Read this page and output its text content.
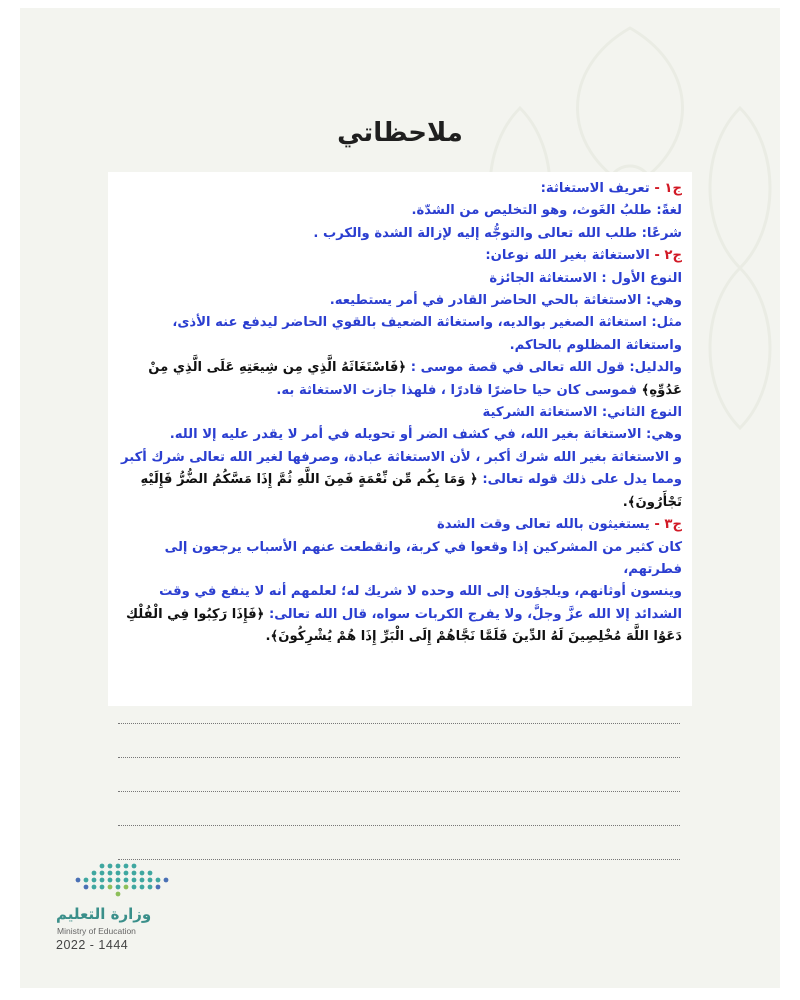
ملاحظاتي

ج١ - تعريف الاستغاثة:

لغةً: طلبُ الغَوث، وهو التخليص من الشدّة.

شرعًا: طلب الله تعالى والتوجُّه إليه لإزالة الشدة والكرب .

ج٢ - الاستغاثة بغير الله نوعان:

النوع الأول : الاستغاثة الجائزة

وهي: الاستغاثة بالحي الحاضر القادر في أمر يستطيعه.

مثل: استغاثة الصغير بوالديه، واستغاثة الضعيف بالقوي الحاضر ليدفع عنه الأذى،

واستغاثة المظلوم بالحاكم.

والدليل: قول الله تعالى في قصة موسى : ﴿فَاسْتَغَاثَهُ الَّذِي مِن شِيعَتِهِ عَلَى الَّذِي مِنْ

عَدُوِّهِ﴾ فموسى كان حيا حاضرًا قادرًا ، فلهذا جازت الاستغاثة به.

النوع الثاني: الاستغاثة الشركية

وهي: الاستغاثة بغير الله، في كشف الضر أو تحويله في أمر لا يقدر عليه إلا الله.

و الاستغاثة بغير الله شرك أكبر ، لأن الاستغاثة عبادة، وصرفها لغير الله تعالى شرك أكبر

ومما يدل على ذلك قوله تعالى: ﴿ وَمَا بِكُم مِّن نِّعْمَةٍ فَمِنَ اللَّهِ ثُمَّ إِذَا مَسَّكُمُ الضُّرُّ فَإِلَيْهِ

تَجْأَرُونَ﴾.

ج٣ - يستغيثون بالله تعالى وقت الشدة

كان كثير من المشركين إذا وقعوا في كربة، وانقطعت عنهم الأسباب يرجعون إلى

فطرتهم،

وينسون أوثانهم، ويلجؤون إلى الله وحده لا شريك له؛ لعلمهم أنه لا ينفع في وقت

الشدائد إلا الله عزَّ وجلَّ، ولا يفرج الكربات سواه، قال الله تعالى: ﴿فَإِذَا رَكِبُوا فِي الْفُلْكِ

دَعَوُا اللَّهَ مُخْلِصِينَ لَهُ الدِّينَ فَلَمَّا نَجَّاهُمْ إِلَى الْبَرِّ إِذَا هُمْ يُشْرِكُونَ﴾.

وزارة التعليم

Ministry of Education

2022 - 1444
